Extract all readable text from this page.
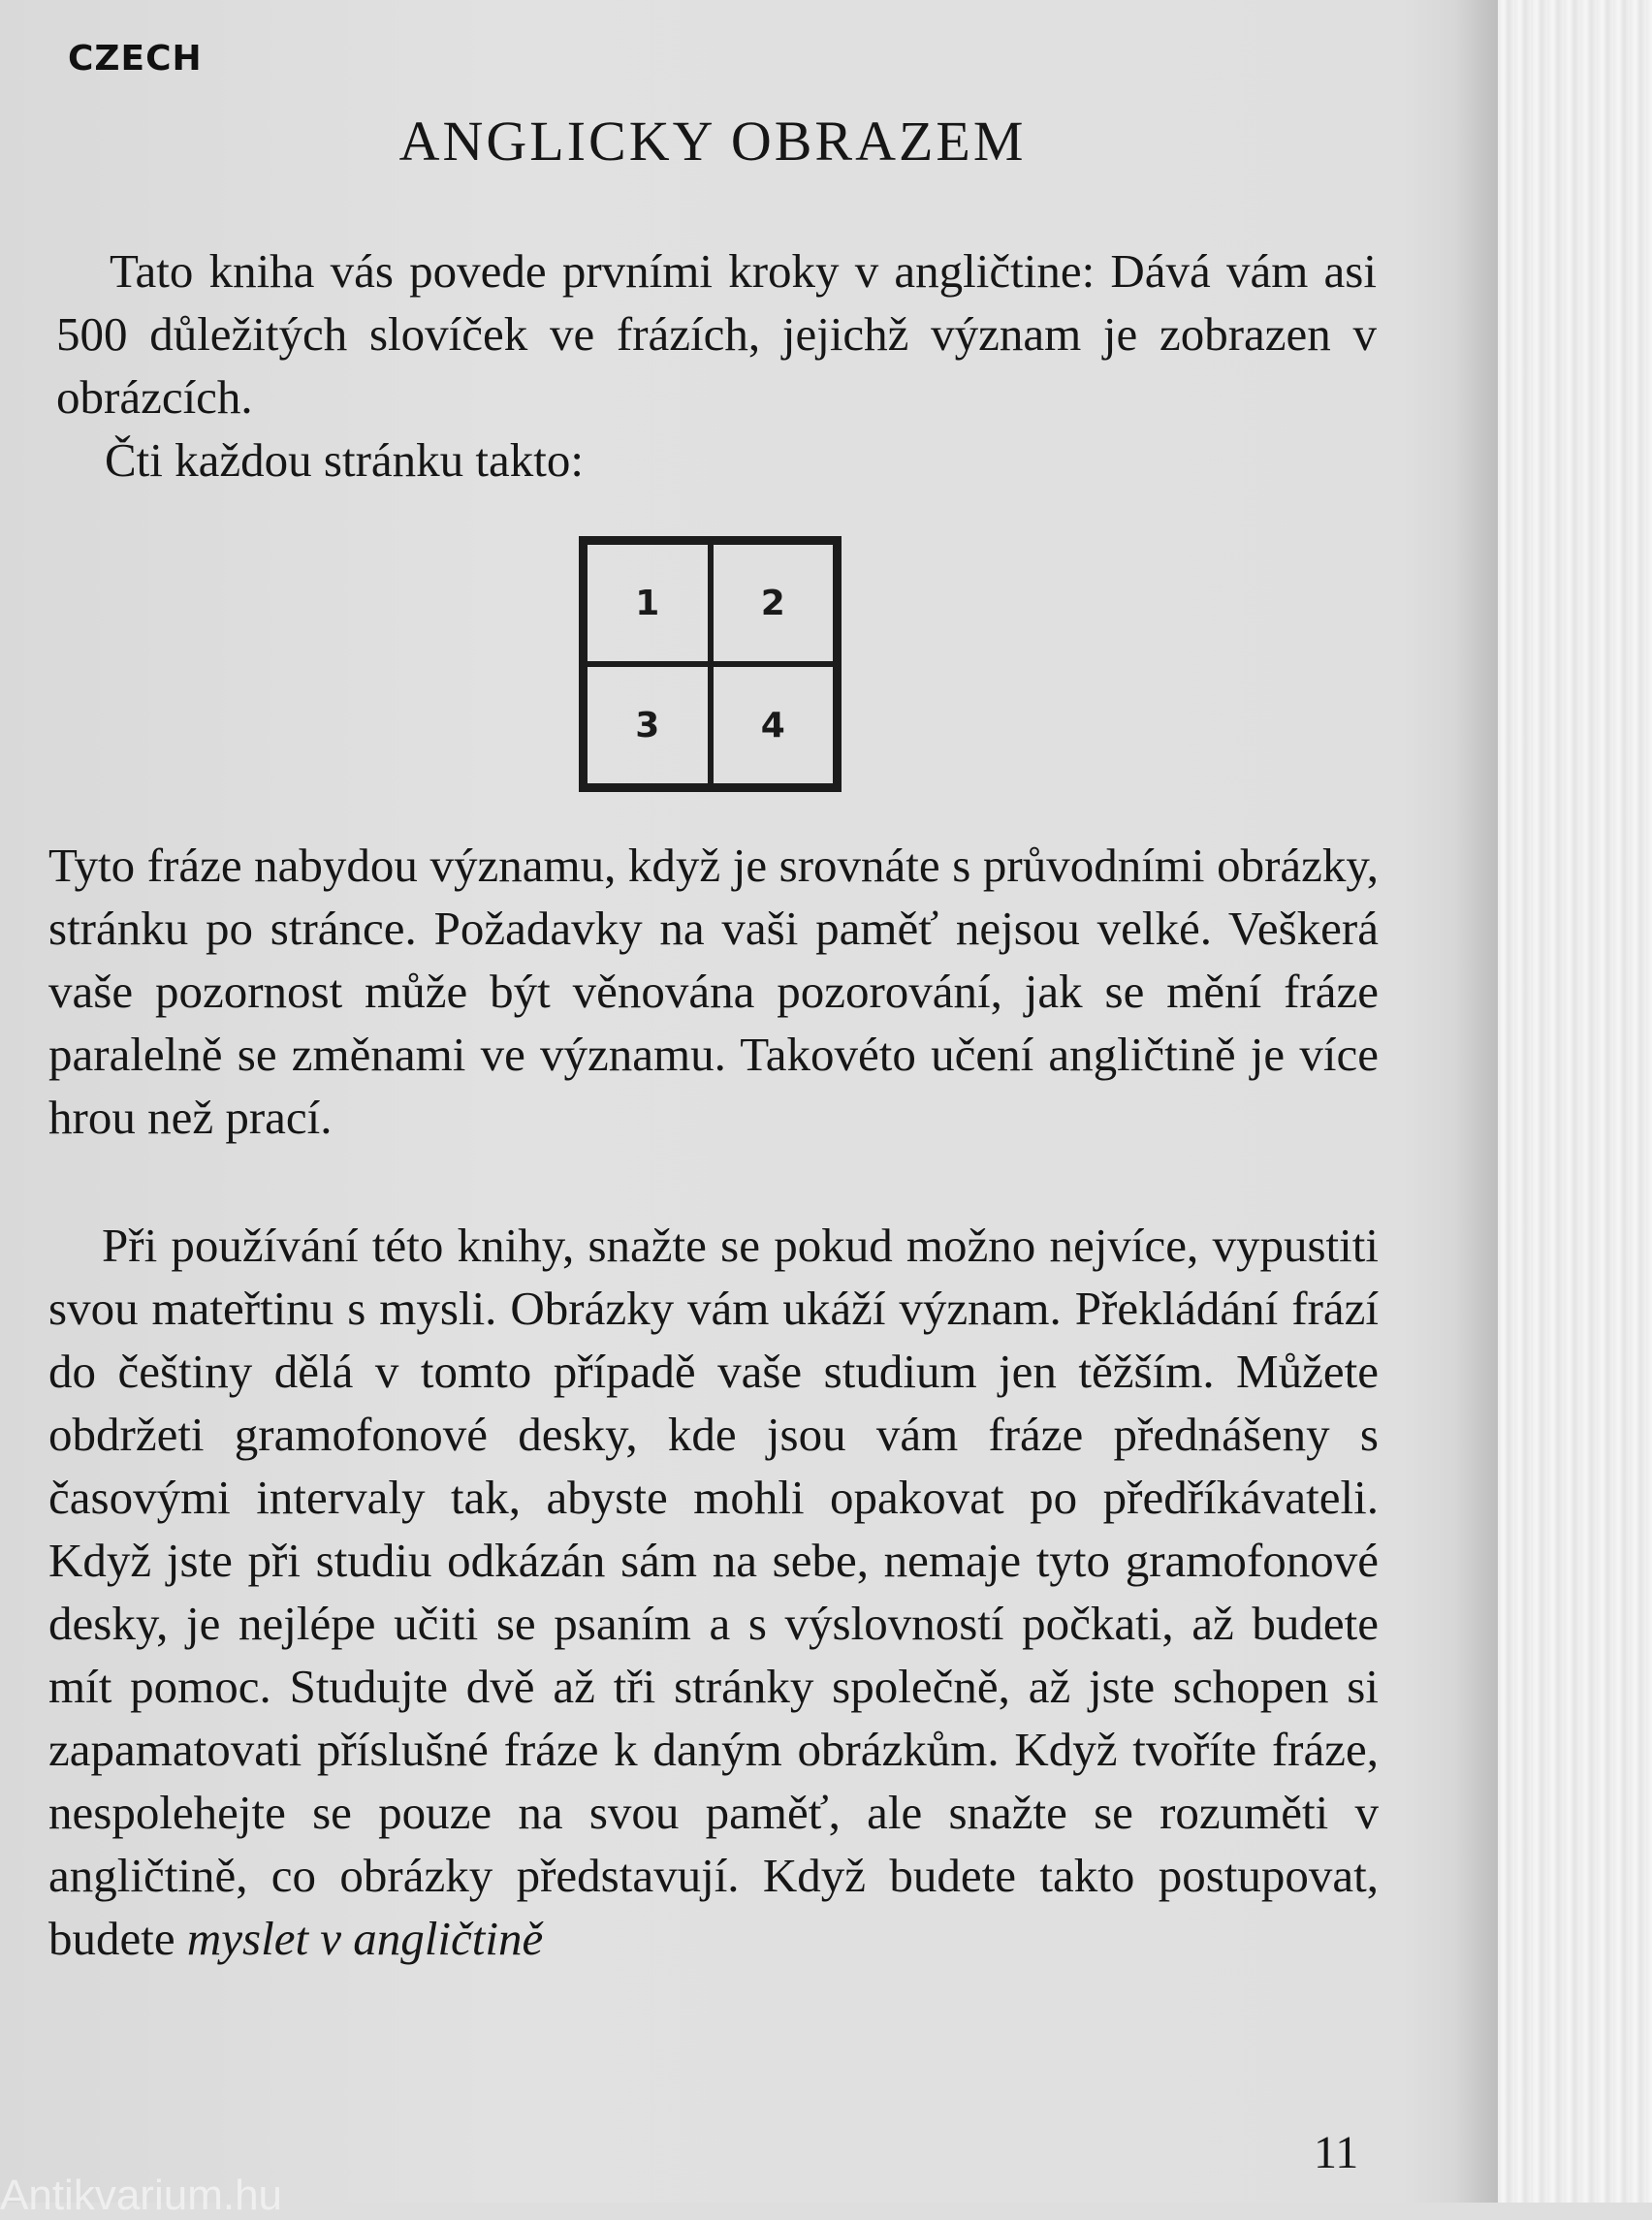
CZECH
ANGLICKY OBRAZEM

Tato kniha vás povede prvními kroky v angličtine: Dává vám asi 500 důležitých slovíček ve frázích, jejichž význam je zobrazen v obrázcích.

Čti každou stránku takto:

1	2
3	4

Tyto fráze nabydou významu, když je srovnáte s průvodními obrázky, stránku po stránce. Požadavky na vaši paměť nejsou velké. Veškerá vaše pozornost může být věnována pozorování, jak se mění fráze paralelně se změnami ve významu. Takovéto učení angličtině je více hrou než prací.

Při používání této knihy, snažte se pokud možno nejvíce, vypustiti svou mateřtinu s mysli. Obrázky vám ukáží význam. Překládání frází do češtiny dělá v tomto případě vaše studium jen těžším. Můžete obdržeti gramofonové desky, kde jsou vám fráze přednášeny s časovými intervaly tak, abyste mohli opakovat po předříkávateli. Když jste při studiu odkázán sám na sebe, nemaje tyto gramofonové desky, je nejlépe učiti se psaním a s výslovností počkati, až budete mít pomoc. Studujte dvě až tři stránky společně, až jste schopen si zapamatovati příslušné fráze k daným obrázkům. Když tvoříte fráze, nespolehejte se pouze na svou paměť, ale snažte se rozuměti v angličtině, co obrázky představují. Když budete takto postupovat, budete myslet v angličtině

11
Antikvarium.hu
